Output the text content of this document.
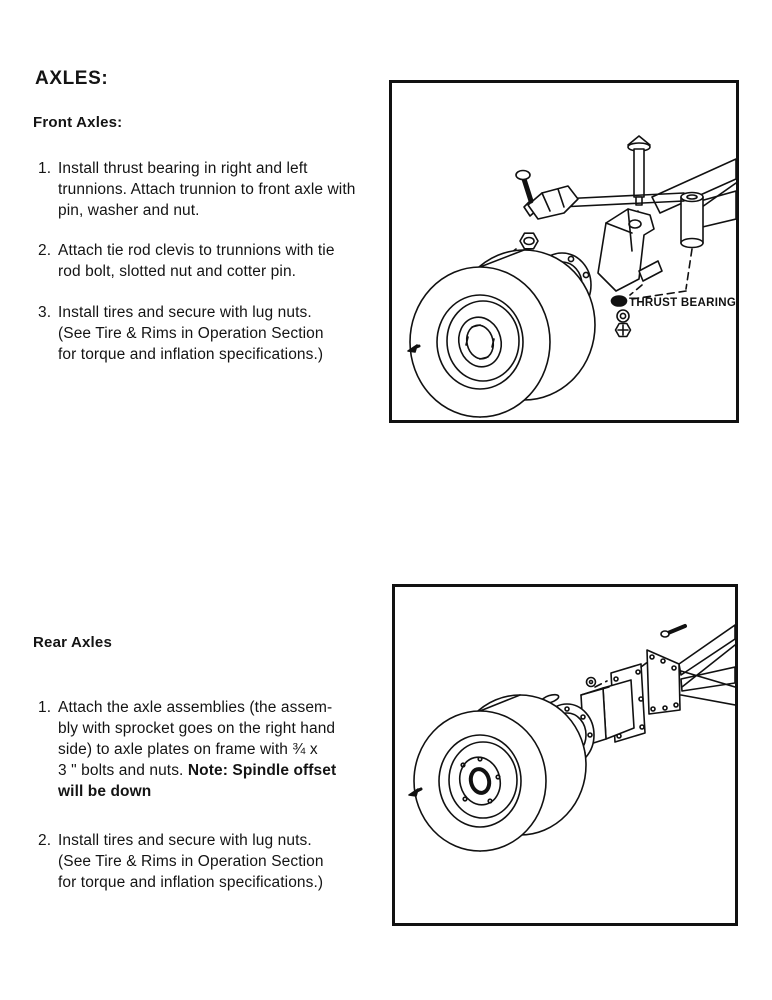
AXLES:
Front Axles:
1. Install thrust bearing in right and left
trunnions. Attach trunnion to front axle with
pin, washer and nut.
2. Attach tie rod clevis to trunnions with tie
rod bolt, slotted nut and cotter pin.
3. Install tires and secure with lug nuts.
(See Tire & Rims in Operation Section
for torque and inflation specifications.)
Rear Axles
1. Attach the axle assemblies (the assem-
bly with sprocket goes on the right hand
side) to axle plates on frame with ¾ x
3 " bolts and nuts. Note: Spindle offset
will be down
2. Install tires and secure with lug nuts.
(See Tire & Rims in Operation Section
for torque and inflation specifications.)
THRUST BEARING
